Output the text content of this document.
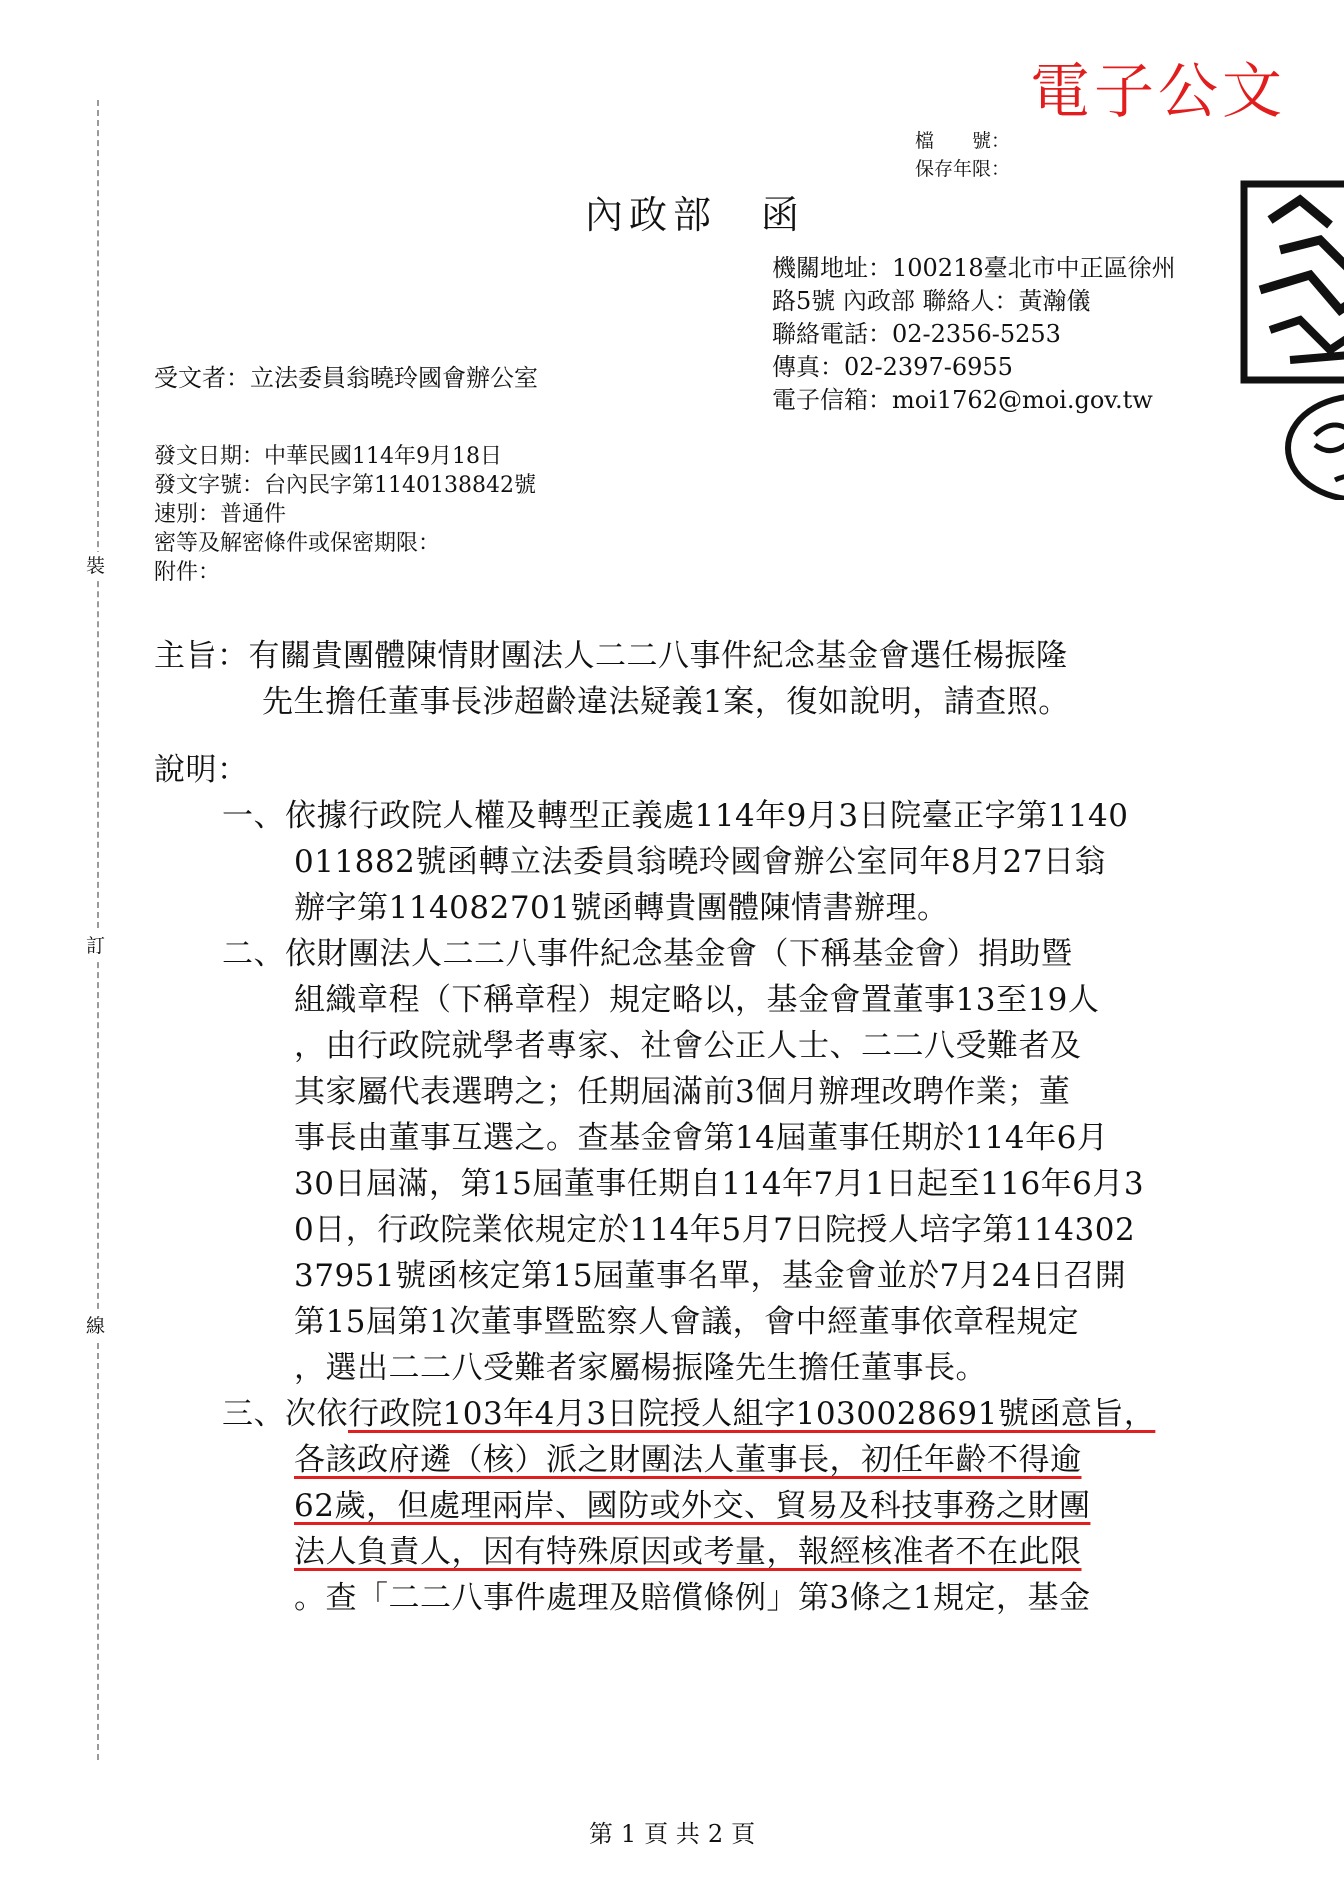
裝
訂
線
電子公文
檔　　號：
保存年限：
內政部　函
機關地址：100218臺北市中正區徐州
路5號 內政部 聯絡人：黃瀚儀
聯絡電話：02-2356-5253
傳真：02-2397-6955
電子信箱：moi1762@moi.gov.tw
受文者：立法委員翁曉玲國會辦公室
發文日期：中華民國114年9月18日
發文字號：台內民字第1140138842號
速別：普通件
密等及解密條件或保密期限：
附件：
主旨：有關貴團體陳情財團法人二二八事件紀念基金會選任楊振隆
先生擔任董事長涉超齡違法疑義1案，復如說明，請查照。
說明：
一、依據行政院人權及轉型正義處114年9月3日院臺正字第1140
011882號函轉立法委員翁曉玲國會辦公室同年8月27日翁
辦字第114082701號函轉貴團體陳情書辦理。
二、依財團法人二二八事件紀念基金會（下稱基金會）捐助暨
組織章程（下稱章程）規定略以，基金會置董事13至19人
，由行政院就學者專家、社會公正人士、二二八受難者及
其家屬代表選聘之；任期屆滿前3個月辦理改聘作業；董
事長由董事互選之。查基金會第14屆董事任期於114年6月
30日屆滿，第15屆董事任期自114年7月1日起至116年6月3
0日，行政院業依規定於114年5月7日院授人培字第114302
37951號函核定第15屆董事名單，基金會並於7月24日召開
第15屆第1次董事暨監察人會議，會中經董事依章程規定
，選出二二八受難者家屬楊振隆先生擔任董事長。
三、次依行政院103年4月3日院授人組字1030028691號函意旨，
各該政府遴（核）派之財團法人董事長，初任年齡不得逾
62歲，但處理兩岸、國防或外交、貿易及科技事務之財團
法人負責人，因有特殊原因或考量，報經核准者不在此限
。查「二二八事件處理及賠償條例」第3條之1規定，基金
第 1 頁 共 2 頁
